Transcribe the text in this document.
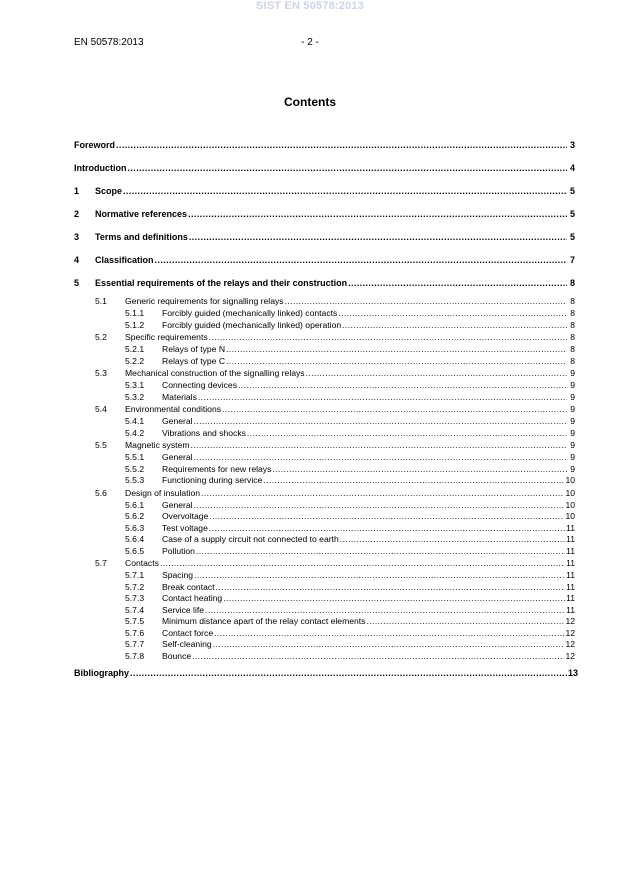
SIST EN 50578:2013
EN 50578:2013	- 2 -
Contents
Foreword .....	3
Introduction .....	4
1	Scope .....	5
2	Normative references .....	5
3	Terms and definitions .....	5
4	Classification .....	7
5	Essential requirements of the relays and their construction .....	8
5.1	Generic requirements for signalling relays .....	8
5.1.1	Forcibly guided (mechanically linked) contacts .....	8
5.1.2	Forcibly guided (mechanically linked) operation .....	8
5.2	Specific requirements .....	8
5.2.1	Relays of type N .....	8
5.2.2	Relays of type C .....	8
5.3	Mechanical construction of the signalling relays .....	9
5.3.1	Connecting devices .....	9
5.3.2	Materials .....	9
5.4	Environmental conditions .....	9
5.4.1	General .....	9
5.4.2	Vibrations and shocks .....	9
5.5	Magnetic system .....	9
5.5.1	General .....	9
5.5.2	Requirements for new relays .....	9
5.5.3	Functioning during service .....	10
5.6	Design of insulation .....	10
5.6.1	General .....	10
5.6.2	Overvoltage .....	10
5.6.3	Test voltage .....	11
5.6.4	Case of a supply circuit not connected to earth .....	11
5.6.5	Pollution .....	11
5.7	Contacts .....	11
5.7.1	Spacing .....	11
5.7.2	Break contact .....	11
5.7.3	Contact heating .....	11
5.7.4	Service life .....	11
5.7.5	Minimum distance apart of the relay contact elements .....	12
5.7.6	Contact force .....	12
5.7.7	Self-cleaning .....	12
5.7.8	Bounce .....	12
Bibliography .....	13
